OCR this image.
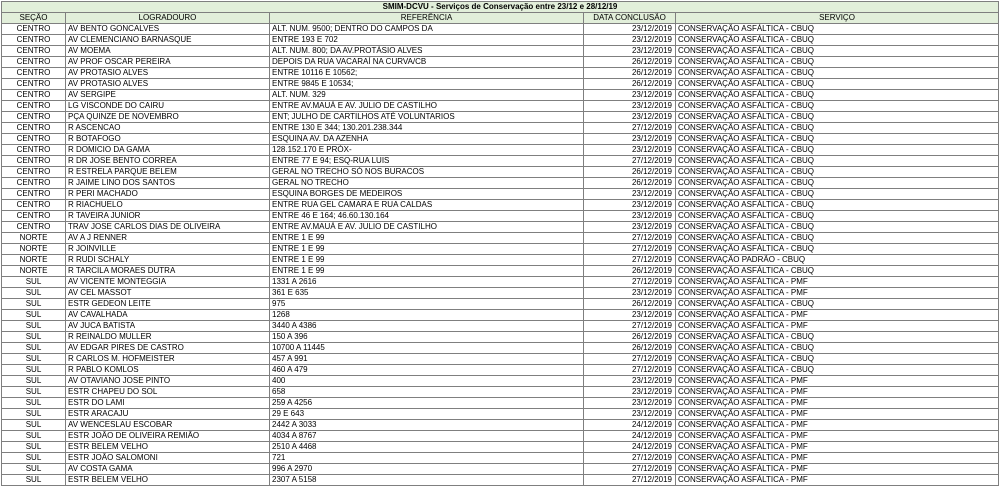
SMIM-DCVU - Serviços de Conservação entre 23/12 e 28/12/19				
SEÇÃO	LOGRADOURO	REFERÊNCIA	DATA CONCLUSÃO	SERVIÇO
CENTRO	AV BENTO GONCALVES	ALT. NUM. 9500; DENTRO DO CAMPOS DA	23/12/2019	CONSERVAÇÃO ASFÁLTICA - CBUQ
CENTRO	AV CLEMENCIANO BARNASQUE	ENTRE 193 E 702	23/12/2019	CONSERVAÇÃO ASFÁLTICA - CBUQ
CENTRO	AV MOEMA	ALT. NUM. 800; DA AV.PROTÁSIO ALVES	23/12/2019	CONSERVAÇÃO ASFÁLTICA - CBUQ
CENTRO	AV PROF OSCAR PEREIRA	DEPOIS DA RUA VACARAÍ NA CURVA/CB	26/12/2019	CONSERVAÇÃO ASFÁLTICA - CBUQ
CENTRO	AV PROTASIO ALVES	ENTRE 10116 E 10562;	26/12/2019	CONSERVAÇÃO ASFÁLTICA - CBUQ
CENTRO	AV PROTASIO ALVES	ENTRE 9845 E 10534;	26/12/2019	CONSERVAÇÃO ASFÁLTICA - CBUQ
CENTRO	AV SERGIPE	ALT. NUM. 329	23/12/2019	CONSERVAÇÃO ASFÁLTICA - CBUQ
CENTRO	LG VISCONDE DO CAIRU	ENTRE AV.MAUÁ E AV. JULIO DE CASTILHO	23/12/2019	CONSERVAÇÃO ASFÁLTICA - CBUQ
CENTRO	PÇA QUINZE DE NOVEMBRO	ENT; JULHO DE CARTILHOS ATÉ VOLUNTARIOS	23/12/2019	CONSERVAÇÃO ASFÁLTICA - CBUQ
CENTRO	R ASCENCAO	ENTRE 130 E 344; 130.201.238.344	27/12/2019	CONSERVAÇÃO ASFÁLTICA - CBUQ
CENTRO	R BOTAFOGO	ESQUINA AV. DA AZENHA	23/12/2019	CONSERVAÇÃO ASFÁLTICA - CBUQ
CENTRO	R DOMICIO DA GAMA	128.152.170 E PRÓX-	23/12/2019	CONSERVAÇÃO ASFÁLTICA - CBUQ
CENTRO	R DR JOSE BENTO CORREA	ENTRE 77 E 94; ESQ-RUA LUIS	27/12/2019	CONSERVAÇÃO ASFÁLTICA - CBUQ
CENTRO	R ESTRELA PARQUE BELEM	GERAL NO TRECHO SÓ NOS BURACOS	26/12/2019	CONSERVAÇÃO ASFÁLTICA - CBUQ
CENTRO	R JAIME LINO DOS SANTOS	GERAL NO TRECHO	26/12/2019	CONSERVAÇÃO ASFÁLTICA - CBUQ
CENTRO	R PERI MACHADO	ESQUINA BORGES DE MEDEIROS	23/12/2019	CONSERVAÇÃO ASFÁLTICA - CBUQ
CENTRO	R RIACHUELO	ENTRE RUA GEL CAMARA E RUA CALDAS	23/12/2019	CONSERVAÇÃO ASFÁLTICA - CBUQ
CENTRO	R TAVEIRA JUNIOR	ENTRE 46 E 164; 46.60.130.164	23/12/2019	CONSERVAÇÃO ASFÁLTICA - CBUQ
CENTRO	TRAV JOSE CARLOS DIAS DE OLIVEIRA	ENTRE AV.MAUÁ E AV. JULIO DE CASTILHO	23/12/2019	CONSERVAÇÃO ASFÁLTICA - CBUQ
NORTE	AV A J RENNER	ENTRE 1 E 99	27/12/2019	CONSERVAÇÃO ASFÁLTICA - CBUQ
NORTE	R JOINVILLE	ENTRE 1 E 99	27/12/2019	CONSERVAÇÃO ASFÁLTICA - CBUQ
NORTE	R RUDI SCHALY	ENTRE 1 E 99	27/12/2019	CONSERVAÇÃO PADRÃO - CBUQ
NORTE	R TARCILA MORAES DUTRA	ENTRE 1 E 99	26/12/2019	CONSERVAÇÃO ASFÁLTICA - CBUQ
SUL	AV VICENTE MONTEGGIA	1331 A 2616	27/12/2019	CONSERVAÇÃO ASFÁLTICA - PMF
SUL	AV CEL MASSOT	361 E 635	23/12/2019	CONSERVAÇÃO ASFÁLTICA - PMF
SUL	ESTR GEDEON LEITE	975	26/12/2019	CONSERVAÇÃO ASFÁLTICA - CBUQ
SUL	AV CAVALHADA	1268	23/12/2019	CONSERVAÇÃO ASFÁLTICA - PMF
SUL	AV JUCA BATISTA	3440 A 4386	27/12/2019	CONSERVAÇÃO ASFÁLTICA - PMF
SUL	R REINALDO MULLER	150 A 396	26/12/2019	CONSERVAÇÃO ASFÁLTICA - CBUQ
SUL	AV EDGAR PIRES DE CASTRO	10700 A 11445	26/12/2019	CONSERVAÇÃO ASFÁLTICA - CBUQ
SUL	R CARLOS M. HOFMEISTER	457 A 991	27/12/2019	CONSERVAÇÃO ASFÁLTICA - CBUQ
SUL	R PABLO KOMLOS	460 A 479	27/12/2019	CONSERVAÇÃO ASFÁLTICA - CBUQ
SUL	AV OTAVIANO JOSE PINTO	400	23/12/2019	CONSERVAÇÃO ASFÁLTICA - PMF
SUL	ESTR CHAPEU DO SOL	658	23/12/2019	CONSERVAÇÃO ASFÁLTICA - PMF
SUL	ESTR DO LAMI	259 A 4256	23/12/2019	CONSERVAÇÃO ASFÁLTICA - PMF
SUL	ESTR ARACAJU	29 E 643	23/12/2019	CONSERVAÇÃO ASFÁLTICA - PMF
SUL	AV WENCESLAU ESCOBAR	2442 A 3033	24/12/2019	CONSERVAÇÃO ASFÁLTICA - PMF
SUL	ESTR JOÃO DE OLIVEIRA REMIÃO	4034 A 8767	24/12/2019	CONSERVAÇÃO ASFÁLTICA - PMF
SUL	ESTR BELEM VELHO	2510 A 4468	24/12/2019	CONSERVAÇÃO ASFÁLTICA - PMF
SUL	ESTR JOÃO SALOMONI	721	27/12/2019	CONSERVAÇÃO ASFÁLTICA - PMF
SUL	AV COSTA GAMA	996 A 2970	27/12/2019	CONSERVAÇÃO ASFÁLTICA - PMF
SUL	ESTR BELEM VELHO	2307 A 5158	27/12/2019	CONSERVAÇÃO ASFÁLTICA - PMF
